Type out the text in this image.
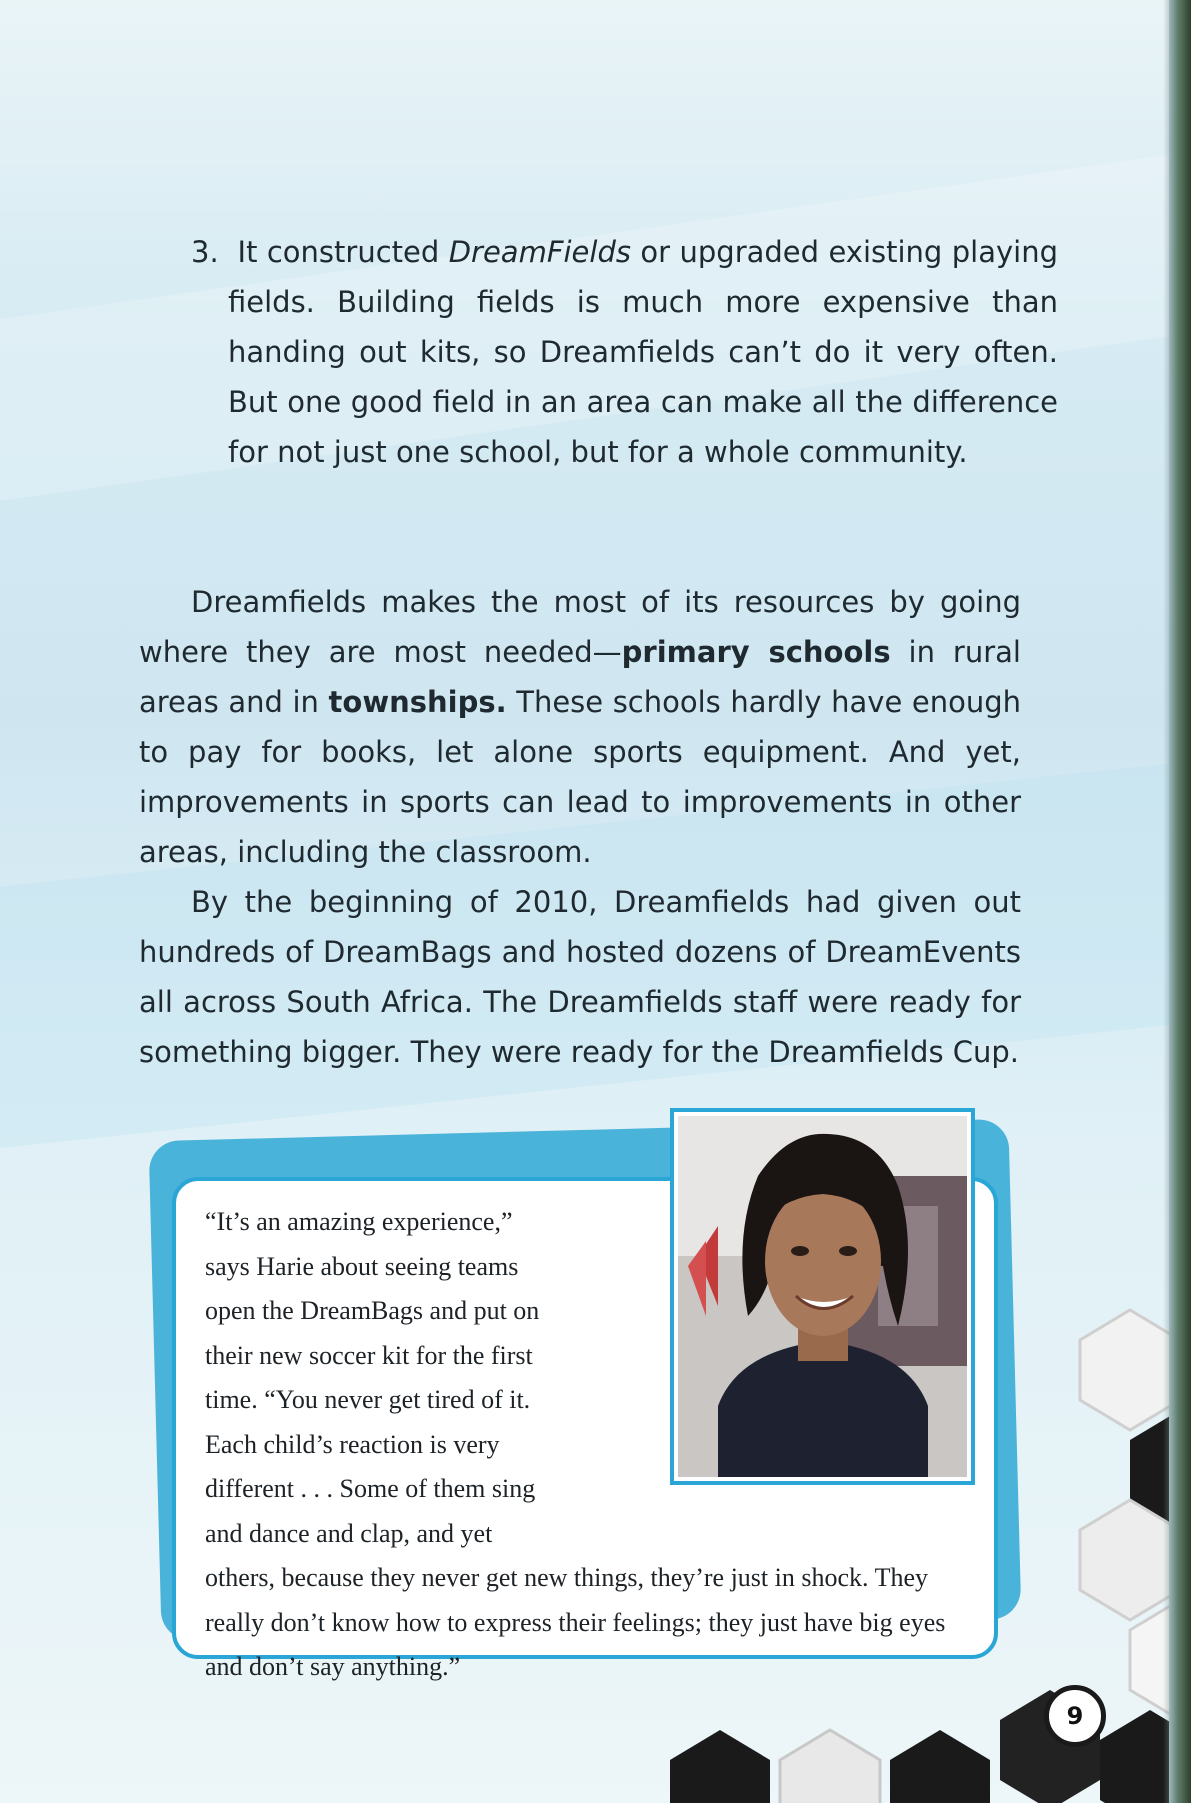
3. It constructed DreamFields or upgraded existing playing fields. Building fields is much more expensive than handing out kits, so Dreamfields can’t do it very often. But one good field in an area can make all the difference for not just one school, but for a whole community.
Dreamfields makes the most of its resources by going where they are most needed—primary schools in rural areas and in townships. These schools hardly have enough to pay for books, let alone sports equipment. And yet, improvements in sports can lead to improvements in other areas, including the classroom.
By the beginning of 2010, Dreamfields had given out hundreds of DreamBags and hosted dozens of DreamEvents all across South Africa. The Dreamfields staff were ready for something bigger. They were ready for the Dreamfields Cup.
“It’s an amazing experience,” says Harie about seeing teams open the DreamBags and put on their new soccer kit for the first time. “You never get tired of it. Each child’s reaction is very different . . . Some of them sing and dance and clap, and yet others, because they never get new things, they’re just in shock. They really don’t know how to express their feelings; they just have big eyes and don’t say anything.”
9
